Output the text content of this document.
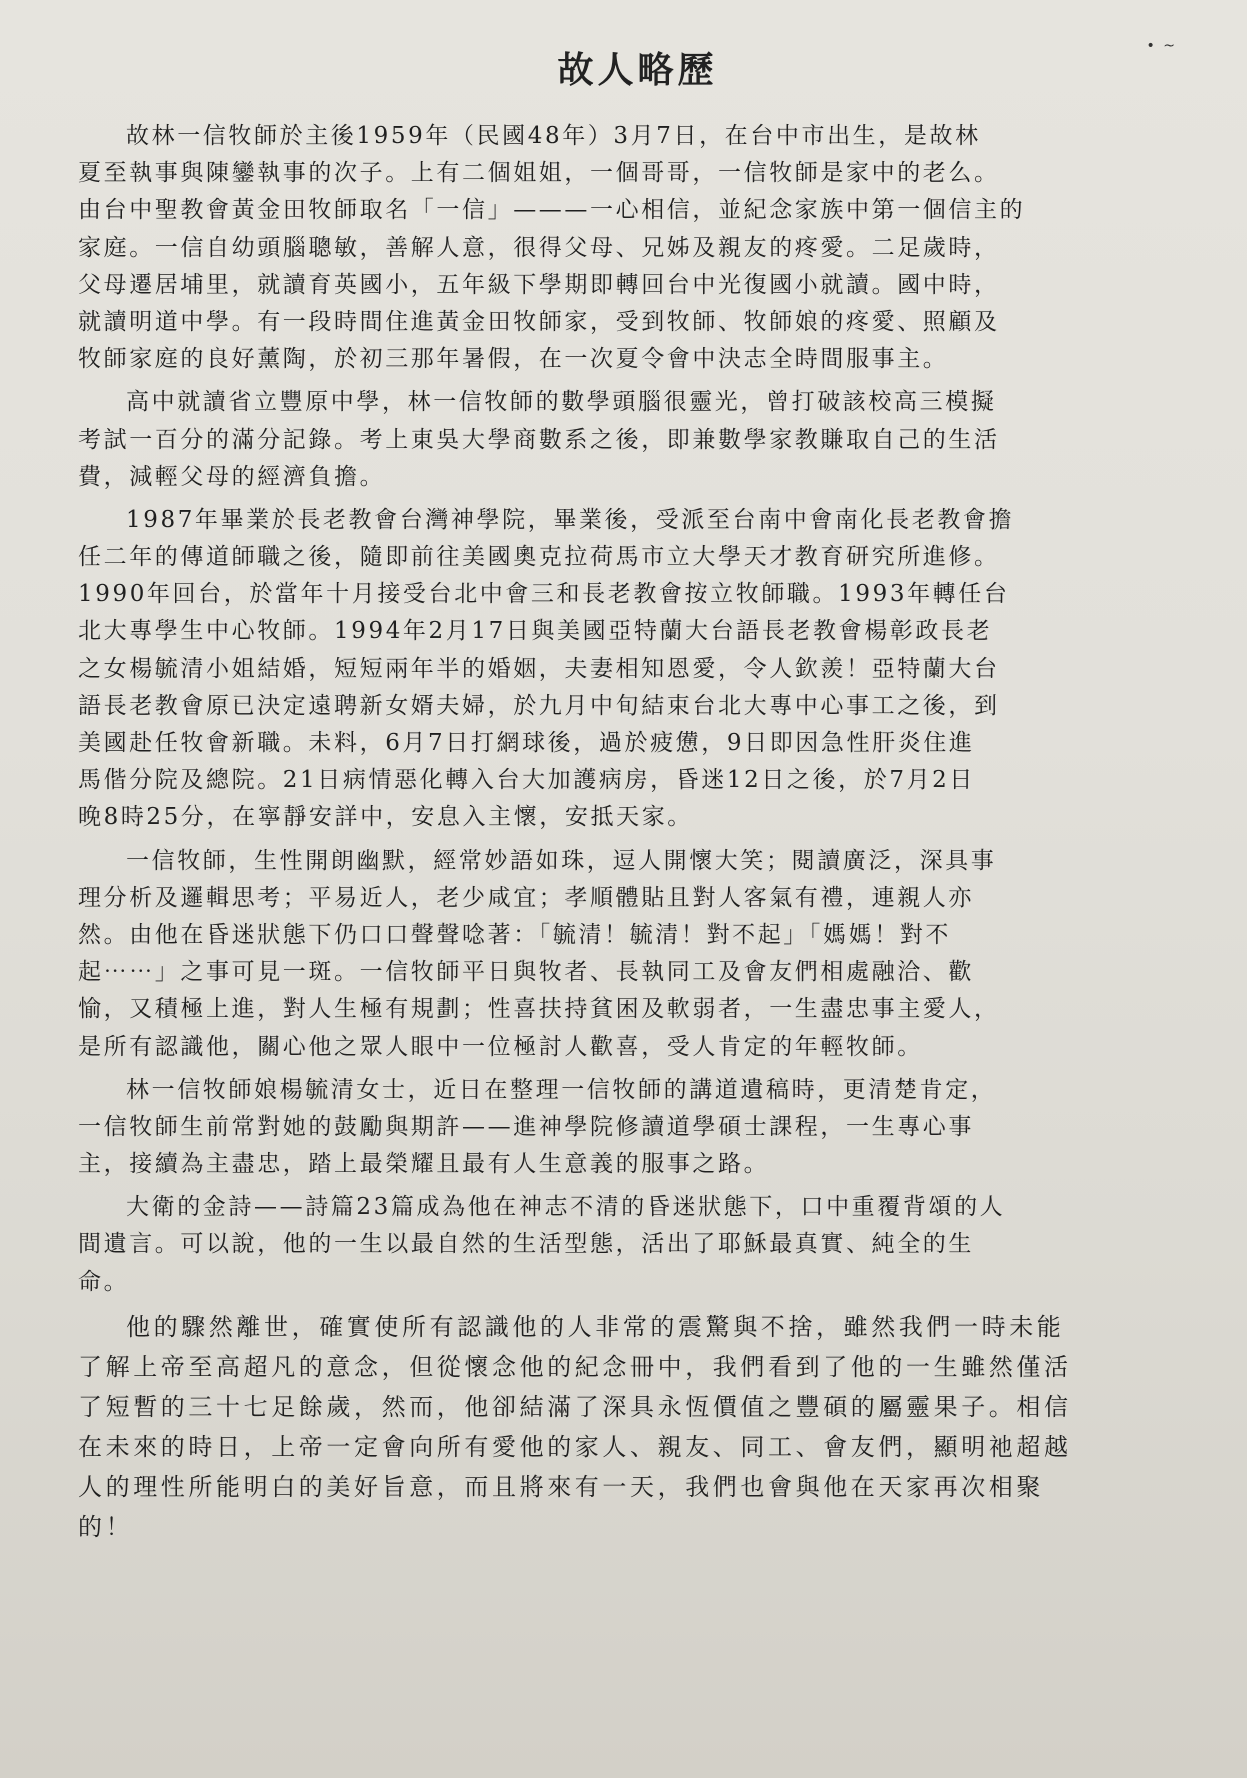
• ~
故人略歷
故林一信牧師於主後1959年（民國48年）3月7日，在台中市出生，是故林
夏至執事與陳鑾執事的次子。上有二個姐姐，一個哥哥，一信牧師是家中的老么。
由台中聖教會黃金田牧師取名「一信」———一心相信，並紀念家族中第一個信主的
家庭。一信自幼頭腦聰敏，善解人意，很得父母、兄姊及親友的疼愛。二足歲時，
父母遷居埔里，就讀育英國小，五年級下學期即轉回台中光復國小就讀。國中時，
就讀明道中學。有一段時間住進黃金田牧師家，受到牧師、牧師娘的疼愛、照顧及
牧師家庭的良好薰陶，於初三那年暑假，在一次夏令會中決志全時間服事主。
高中就讀省立豐原中學，林一信牧師的數學頭腦很靈光，曾打破該校高三模擬
考試一百分的滿分記錄。考上東吳大學商數系之後，即兼數學家教賺取自己的生活
費，減輕父母的經濟負擔。
1987年畢業於長老教會台灣神學院，畢業後，受派至台南中會南化長老教會擔
任二年的傳道師職之後，隨即前往美國奧克拉荷馬市立大學天才教育研究所進修。
1990年回台，於當年十月接受台北中會三和長老教會按立牧師職。1993年轉任台
北大專學生中心牧師。1994年2月17日與美國亞特蘭大台語長老教會楊彰政長老
之女楊毓清小姐結婚，短短兩年半的婚姻，夫妻相知恩愛，令人欽羨！亞特蘭大台
語長老教會原已決定遠聘新女婿夫婦，於九月中旬結束台北大專中心事工之後，到
美國赴任牧會新職。未料，6月7日打網球後，過於疲憊，9日即因急性肝炎住進
馬偕分院及總院。21日病情惡化轉入台大加護病房，昏迷12日之後，於7月2日
晚8時25分，在寧靜安詳中，安息入主懷，安抵天家。
一信牧師，生性開朗幽默，經常妙語如珠，逗人開懷大笑；閱讀廣泛，深具事
理分析及邏輯思考；平易近人，老少咸宜；孝順體貼且對人客氣有禮，連親人亦
然。由他在昏迷狀態下仍口口聲聲唸著：「毓清！毓清！對不起」「媽媽！對不
起⋯⋯」之事可見一斑。一信牧師平日與牧者、長執同工及會友們相處融洽、歡
愉，又積極上進，對人生極有規劃；性喜扶持貧困及軟弱者，一生盡忠事主愛人，
是所有認識他，關心他之眾人眼中一位極討人歡喜，受人肯定的年輕牧師。
林一信牧師娘楊毓清女士，近日在整理一信牧師的講道遺稿時，更清楚肯定，
一信牧師生前常對她的鼓勵與期許——進神學院修讀道學碩士課程，一生專心事
主，接續為主盡忠，踏上最榮耀且最有人生意義的服事之路。
大衛的金詩——詩篇23篇成為他在神志不清的昏迷狀態下，口中重覆背頌的人
間遺言。可以說，他的一生以最自然的生活型態，活出了耶穌最真實、純全的生
命。
他的驟然離世，確實使所有認識他的人非常的震驚與不捨，雖然我們一時未能
了解上帝至高超凡的意念，但從懷念他的紀念冊中，我們看到了他的一生雖然僅活
了短暫的三十七足餘歲，然而，他卻結滿了深具永恆價值之豐碩的屬靈果子。相信
在未來的時日，上帝一定會向所有愛他的家人、親友、同工、會友們，顯明祂超越
人的理性所能明白的美好旨意，而且將來有一天，我們也會與他在天家再次相聚
的！
